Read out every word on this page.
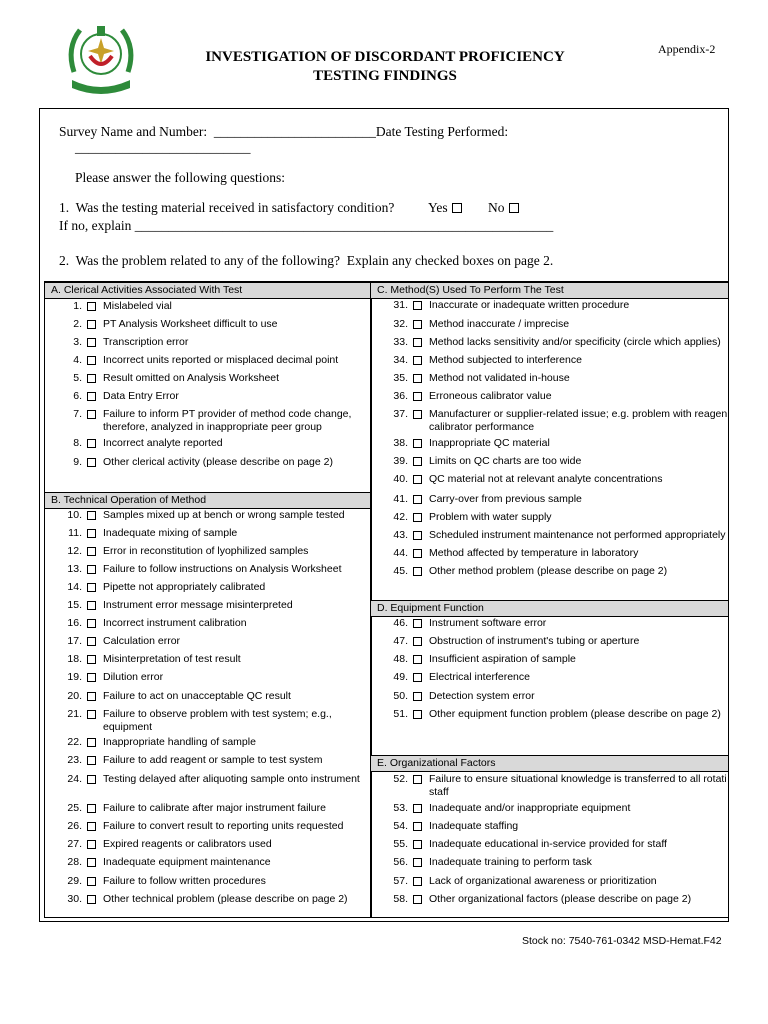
INVESTIGATION OF DISCORDANT PROFICIENCY
TESTING FINDINGS
Appendix-2
Survey Name and Number:  ________________________Date Testing Performed:
__________________________
Please answer the following questions:
1.  Was the testing material received in satisfactory condition? Yes	No
If no, explain ______________________________________________________________
2.  Was the problem related to any of the following?  Explain any checked boxes on page 2.
A. Clerical Activities Associated With Test
B. Technical Operation of Method
C. Method(S) Used To Perform The Test
D. Equipment Function
E. Organizational Factors
1. Mislabeled vial
2. PT Analysis Worksheet difficult to use
3. Transcription error
4. Incorrect units reported or misplaced decimal point
5. Result omitted on Analysis Worksheet
6. Data Entry Error
7. Failure to inform PT provider of method code change,
therefore, analyzed in inappropriate peer group
8. Incorrect analyte reported
9. Other clerical activity (please describe on page 2)
10. Samples mixed up at bench or wrong sample tested
11. Inadequate mixing of sample
12. Error in reconstitution of lyophilized samples
13. Failure to follow instructions on Analysis Worksheet
14. Pipette not appropriately calibrated
15. Instrument error message misinterpreted
16. Incorrect instrument calibration
17. Calculation error
18. Misinterpretation of test result
19. Dilution error
20. Failure to act on unacceptable QC result
21. Failure to observe problem with test system; e.g.,
equipment
22. Inappropriate handling of sample
23. Failure to add reagent or sample to test system
24. Testing delayed after aliquoting sample onto instrument
25. Failure to calibrate after major instrument failure
26. Failure to convert result to reporting units requested
27. Expired reagents or calibrators used
28. Inadequate equipment maintenance
29. Failure to follow written procedures
30. Other technical problem (please describe on page 2)
31. Inaccurate or inadequate written procedure
32. Method inaccurate / imprecise
33. Method lacks sensitivity and/or specificity (circle which applies)
34. Method subjected to interference
35. Method not validated in-house
36. Erroneous calibrator value
37. Manufacturer or supplier-related issue; e.g. problem with reagen
calibrator performance
38. Inappropriate QC material
39. Limits on QC charts are too wide
40. QC material not at relevant analyte concentrations
41. Carry-over from previous sample
42. Problem with water supply
43. Scheduled instrument maintenance not performed appropriately
44. Method affected by temperature in laboratory
45. Other method problem (please describe on page 2)
46. Instrument software error
47. Obstruction of instrument's tubing or aperture
48. Insufficient aspiration of sample
49. Electrical interference
50. Detection system error
51. Other equipment function problem (please describe on page 2)
52. Failure to ensure situational knowledge is transferred to all rotati
staff
53. Inadequate and/or inappropriate equipment
54. Inadequate staffing
55. Inadequate educational in-service provided for staff
56. Inadequate training to perform task
57. Lack of organizational awareness or prioritization
58. Other organizational factors (please describe on page 2)
Stock no: 7540-761-0342 MSD-Hemat.F42
